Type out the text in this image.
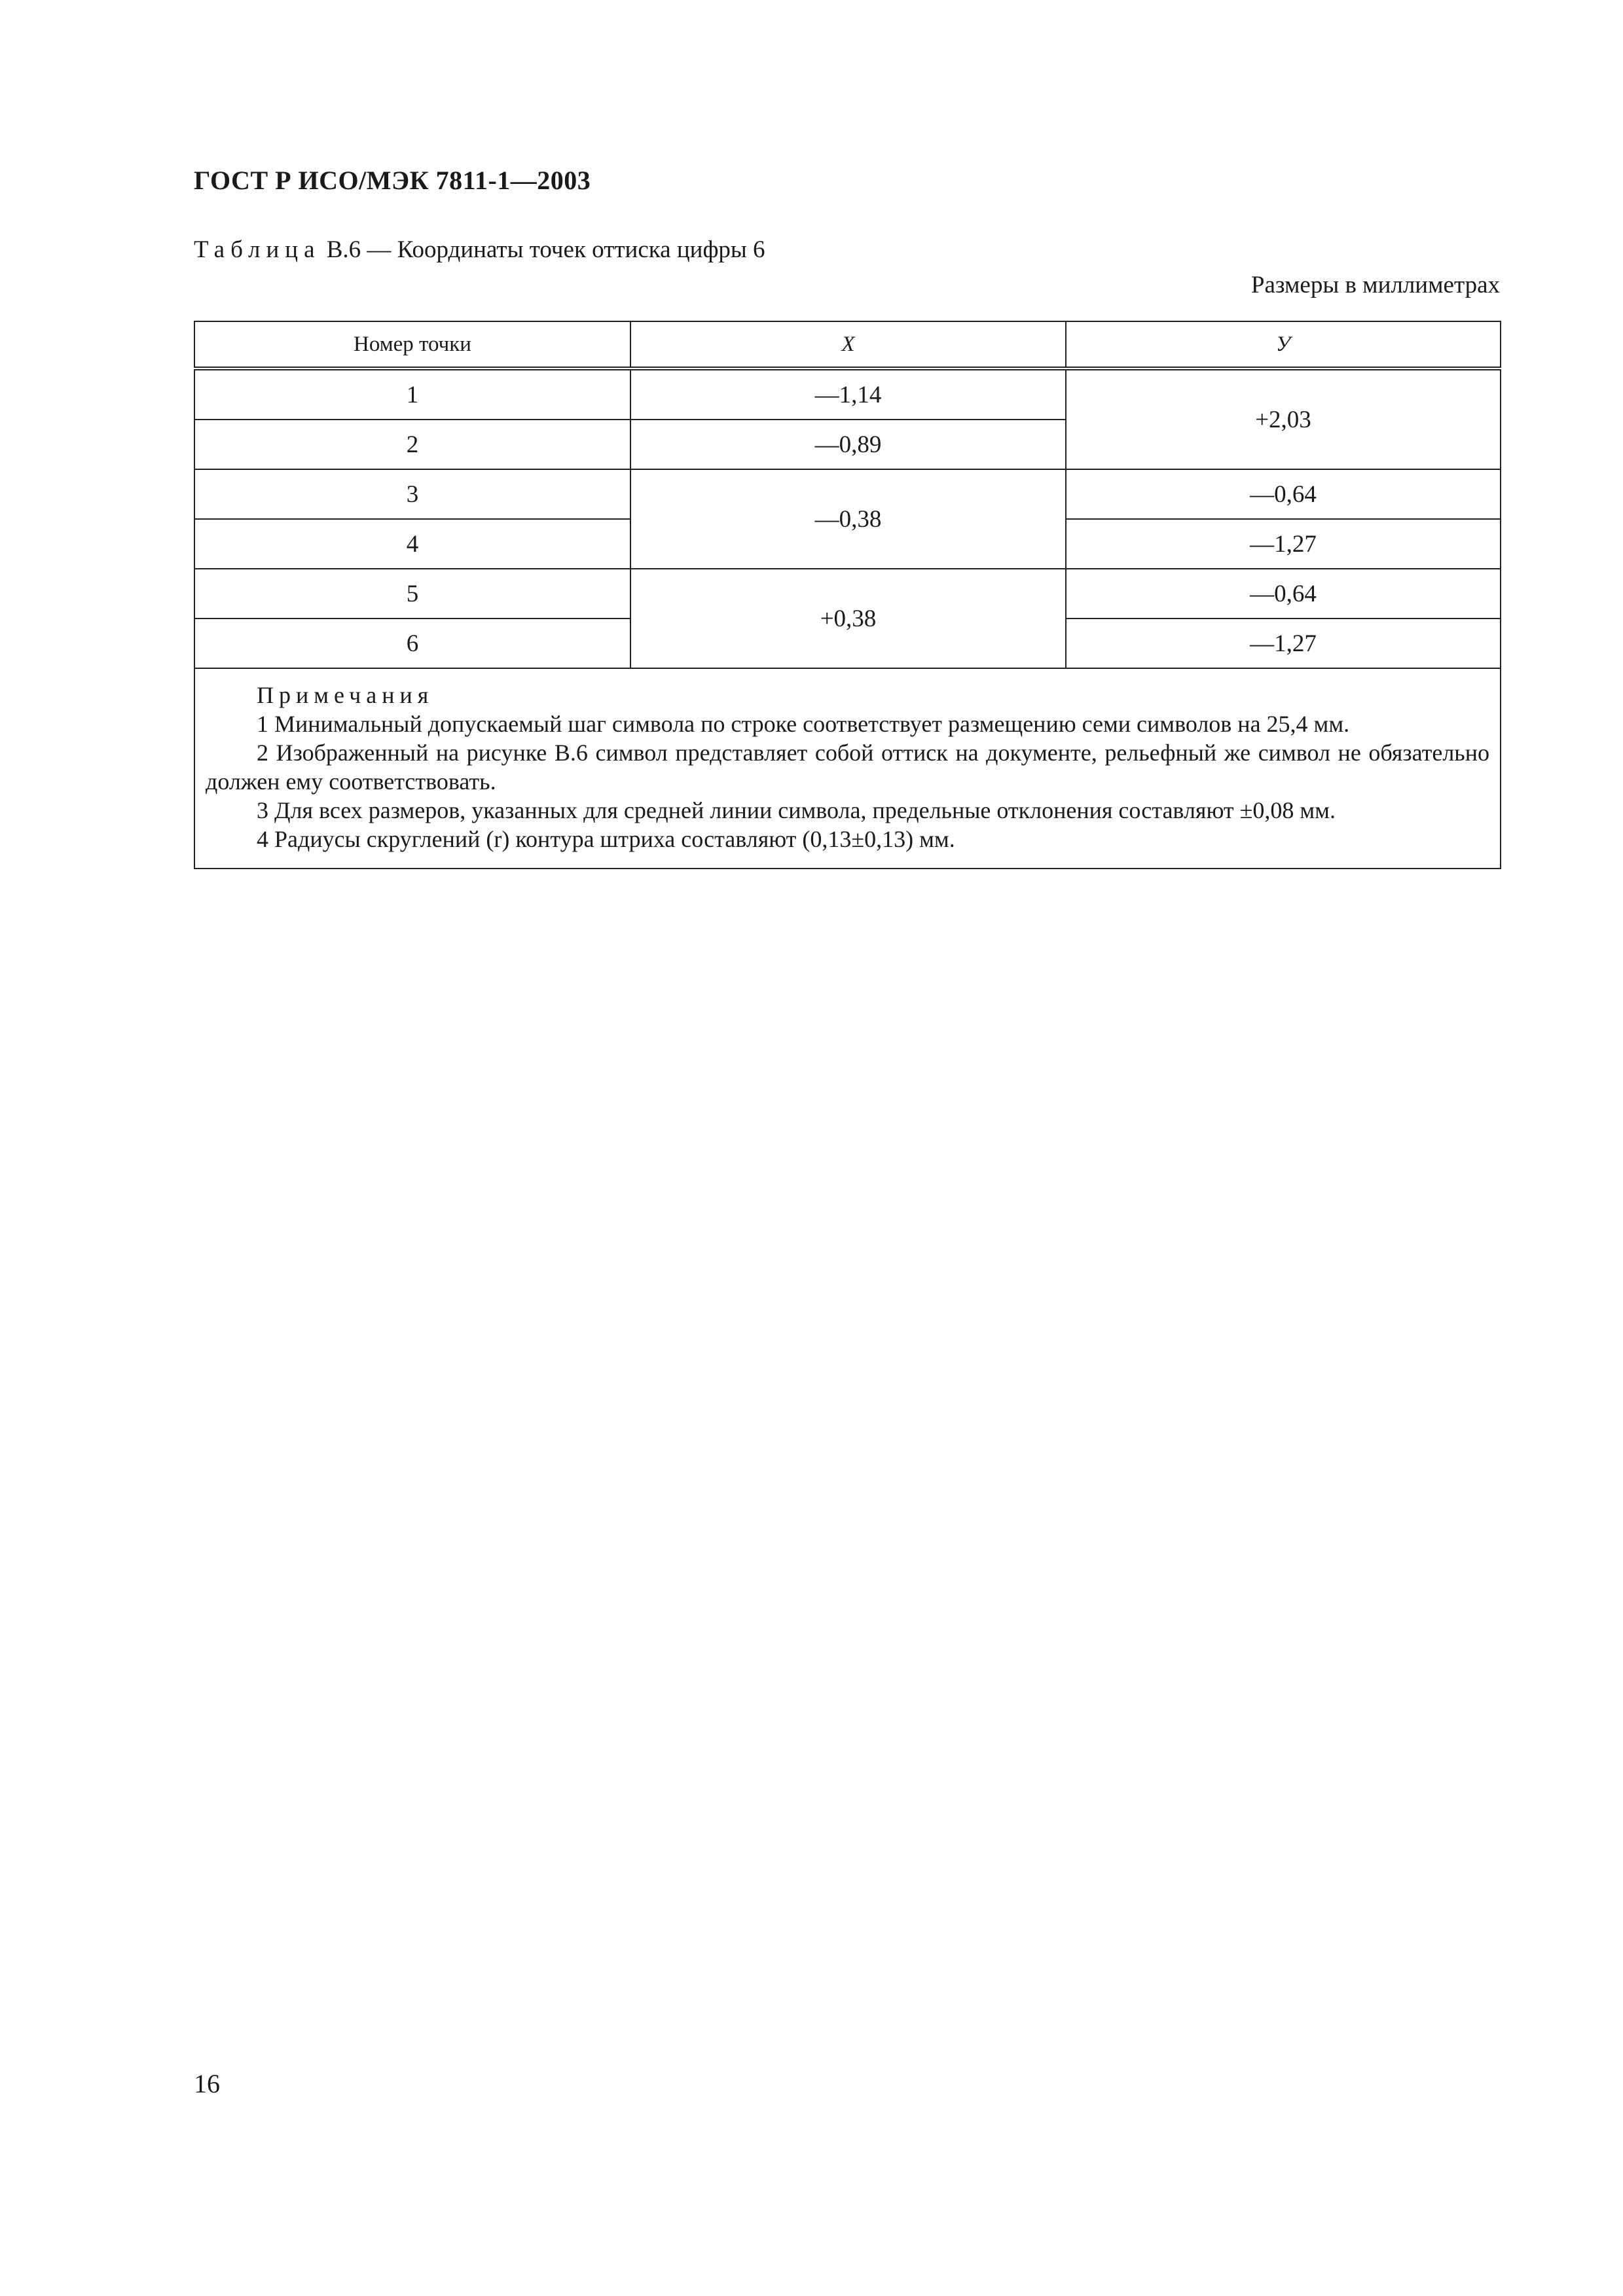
ГОСТ Р ИСО/МЭК 7811-1—2003
Таблица В.6 — Координаты точек оттиска цифры 6
Размеры в миллиметрах
Номер точки	X	У
1	—1,14	+2,03
2	—0,89	
3	—0,38	—0,64
4		—1,27
5	+0,38	—0,64
6		—1,27

Примечания
1 Минимальный допускаемый шаг символа по строке соответствует размещению семи символов на 25,4 мм.
2 Изображенный на рисунке В.6 символ представляет собой оттиск на документе, рельефный же символ не обязательно должен ему соответствовать.
3 Для всех размеров, указанных для средней линии символа, предельные отклонения составляют ±0,08 мм.
4 Радиусы скруглений (r) контура штриха составляют (0,13±0,13) мм.		
16
